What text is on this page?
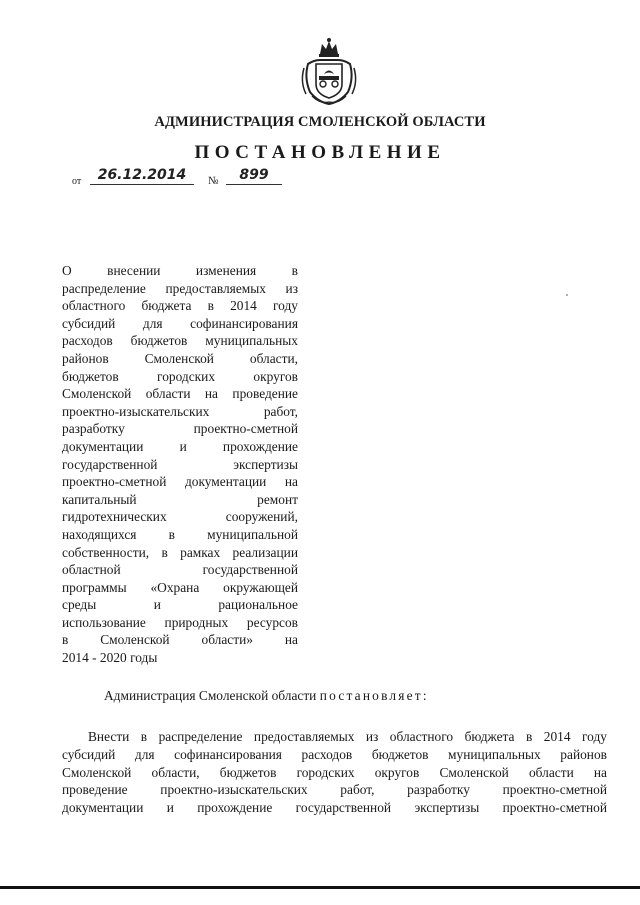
АДМИНИСТРАЦИЯ СМОЛЕНСКОЙ ОБЛАСТИ
ПОСТАНОВЛЕНИЕ
от	26.12.2014	№	899
О внесении изменения в
распределение предоставляемых из
областного бюджета в 2014 году
субсидий для софинансирования
расходов бюджетов муниципальных
районов Смоленской области,
бюджетов городских округов
Смоленской области на проведение
проектно-изыскательских работ,
разработку проектно-сметной
документации и прохождение
государственной экспертизы
проектно-сметной документации на
капитальный ремонт
гидротехнических сооружений,
находящихся в муниципальной
собственности, в рамках реализации
областной государственной
программы «Охрана окружающей
среды и рациональное
использование природных ресурсов
в Смоленской области» на
2014 - 2020 годы
Администрация Смоленской области постановляет:
Внести в распределение предоставляемых из областного бюджета в 2014 году
субсидий для софинансирования расходов бюджетов муниципальных районов
Смоленской области, бюджетов городских округов Смоленской области на
проведение проектно-изыскательских работ, разработку проектно-сметной
документации и прохождение государственной экспертизы проектно-сметной
